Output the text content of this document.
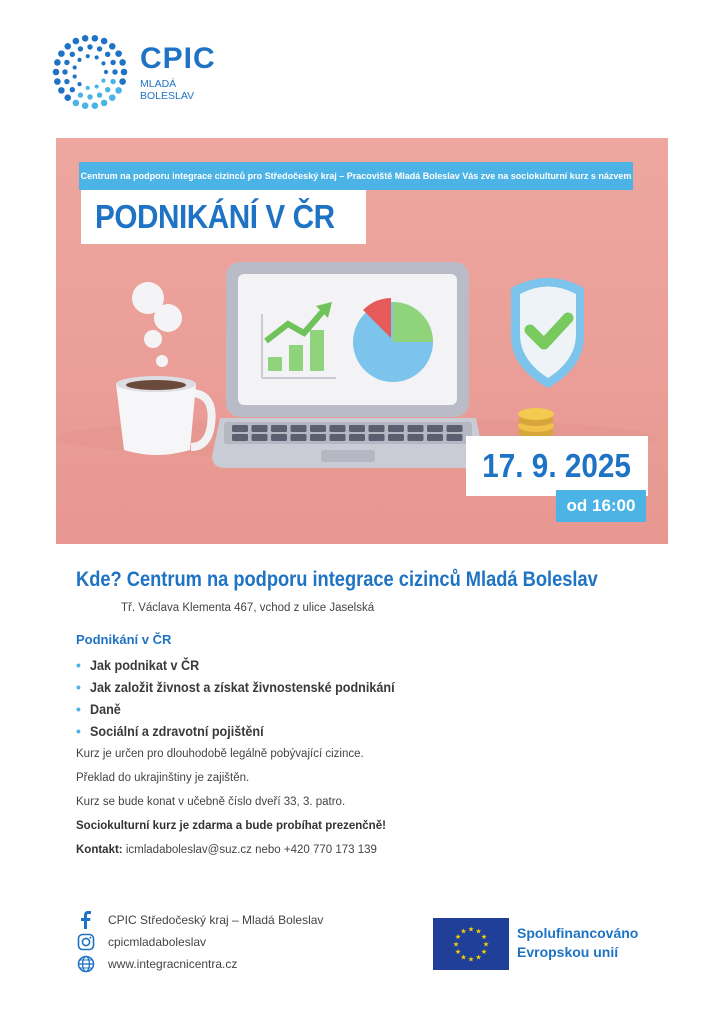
CPIC
MLADÁ
BOLESLAV
Centrum na podporu integrace cizinců pro Středočeský kraj – Pracoviště Mladá Boleslav Vás zve na sociokulturní kurz s názvem
PODNIKÁNÍ V ČR
17. 9. 2025
od 16:00
Kde? Centrum na podporu integrace cizinců Mladá Boleslav
Tř. Václava Klementa 467, vchod z ulice Jaselská
Podnikání v ČR
• Jak podnikat v ČR
• Jak založit živnost a získat živnostenské podnikání
• Daně
• Sociální a zdravotní pojištění
Kurz je určen pro dlouhodobě legálně pobývající cizince.
Překlad do ukrajinštiny je zajištěn.
Kurz se bude konat v učebně číslo dveří 33, 3. patro.
Sociokulturní kurz je zdarma a bude probíhat prezenčně!
Kontakt: icmladaboleslav@suz.cz nebo +420 770 173 139
CPIC Středočeský kraj – Mladá Boleslav
cpicmladaboleslav
www.integracnicentra.cz
★
★
★
★
★
★
★
★
★ ★ ★
★ Spolufinancováno
Evropskou unií
